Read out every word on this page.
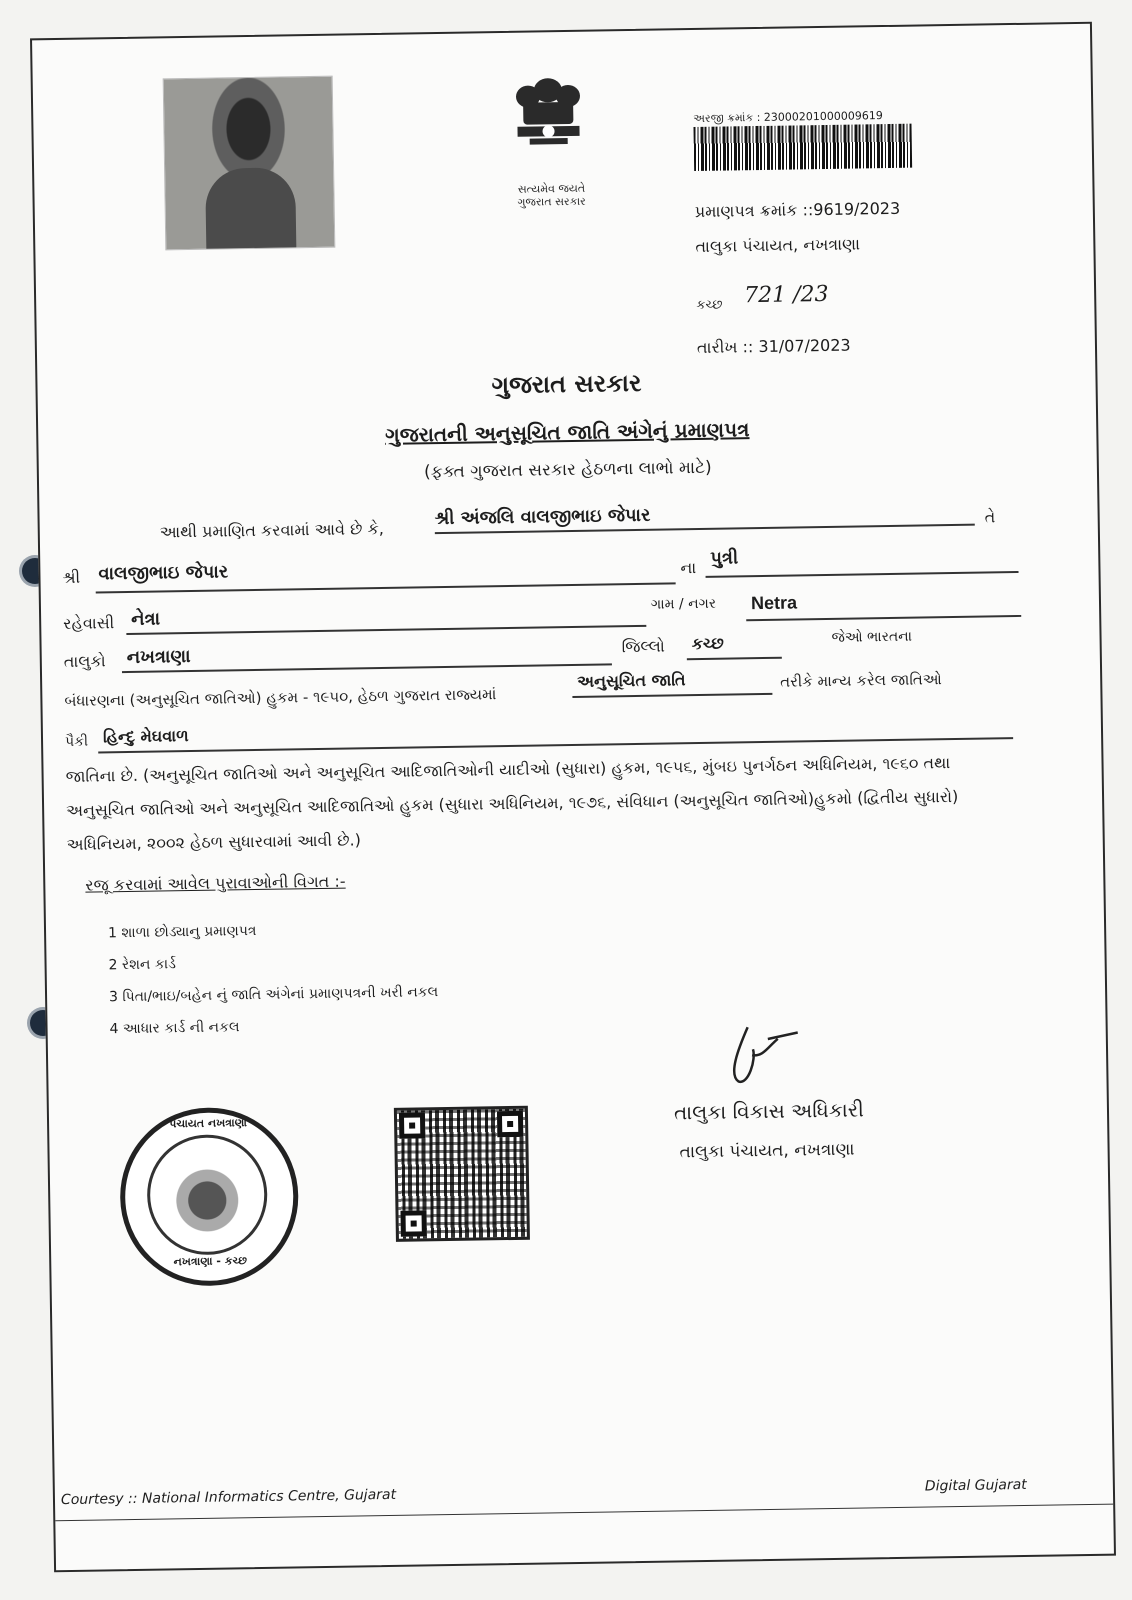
સત્યમેવ જયતે
ગુજરાત સરકાર
અરજી ક્રમાંક : 23000201000009619
પ્રમાણપત્ર ક્રમાંક ::9619/2023
તાલુકા પંચાયત, નખત્રાણા
કચ્છ 721 /23
તારીખ :: 31/07/2023
ગુજરાત સરકાર
ગુજરાતની અનુસૂચિત જાતિ અંગેનું પ્રમાણપત્ર
(ફક્ત ગુજરાત સરકાર હેઠળના લાભો માટે)
આથી પ્રમાણિત કરવામાં આવે છે કે,
શ્રી અંજલિ વાલજીભાઇ જેપાર	તે
શ્રી વાલજીભાઇ જેપાર	ના પુત્રી
રહેવાસી નેત્રા
ગામ / નગર Netra
તાલુકો નખત્રાણા	જિલ્લો કચ્છ	જેઓ ભારતના
બંધારણના (અનુસૂચિત જાતિઓ) હુકમ - ૧૯૫૦, હેઠળ ગુજરાત રાજ્યમાં
અનુસૂચિત જાતિ	તરીકે માન્ય કરેલ જાતિઓ
પૈકી હિન્દુ મેઘવાળ
જાતિના છે. (અનુસૂચિત જાતિઓ અને અનુસૂચિત આદિજાતિઓની યાદીઓ (સુધારા) હુકમ, ૧૯૫૬, મુંબઇ પુનર્ગઠન અધિનિયમ, ૧૯૬૦ તથા
અનુસૂચિત જાતિઓ અને અનુસૂચિત આદિજાતિઓ હુકમ (સુધારા અધિનિયમ, ૧૯૭૬, સંવિધાન (અનુસૂચિત જાતિઓ)હુકમો (દ્વિતીય સુધારો)
અધિનિયમ, ૨૦૦૨ હેઠળ સુધારવામાં આવી છે.)
રજૂ કરવામાં આવેલ પુરાવાઓની વિગત :-
1 શાળા છોડ્યાનુ પ્રમાણપત્ર
2 રેશન કાર્ડ
3 પિતા/ભાઇ/બહેન નું જાતિ અંગેનાં પ્રમાણપત્રની ખરી નકલ
4 આધાર કાર્ડ ની નકલ
પંચાયત નખત્રાણા
નખત્રાણા - કચ્છ
તાલુકા વિકાસ અધિકારી
તાલુકા પંચાયત, નખત્રાણા
Courtesy :: National Informatics Centre, Gujarat
Digital Gujarat
